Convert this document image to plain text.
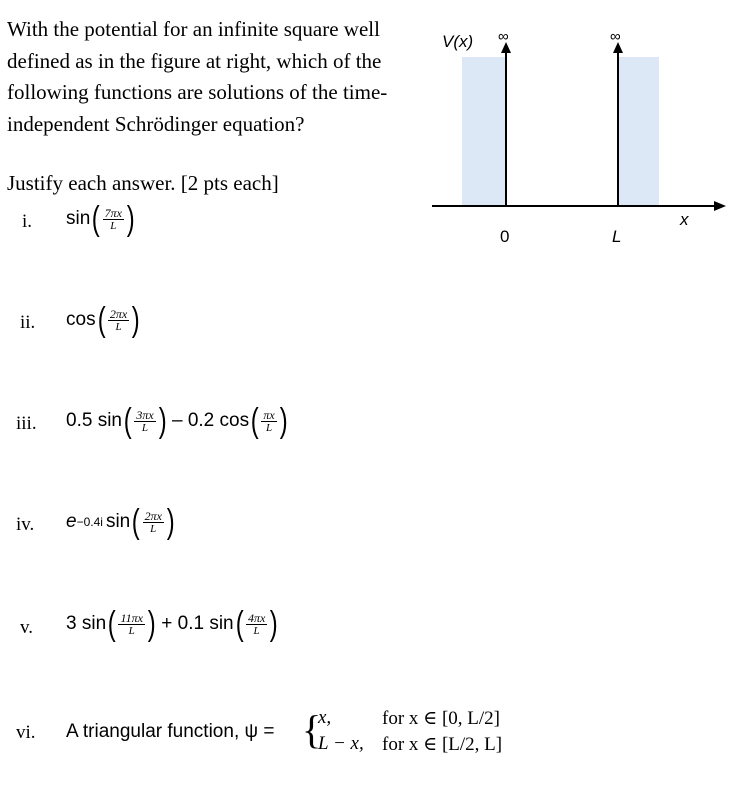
With the potential for an infinite square well

defined as in the figure at right, which of the

following functions are solutions of the time-

independent Schrödinger equation?

Justify each answer. [2 pts each]
V(x) ∞	∞
0	L
x
i. sin ( $\frac{7\pi x}{L}$ )
ii. cos ( $\frac{2\pi x}{L}$ )
iii. 0.5 sin ( $\frac{3\pi x}{L}$ ) – 0.2 cos ( $\frac{\pi x}{L}$ )
iv. e −0.4i sin ( $\frac{2\pi x}{L}$ )
v. 3 sin ( $\frac{11\pi x}{L}$ ) + 0.1 sin ( $\frac{4\pi x}{L}$ )
vi. A triangular function, ψ = {
x,	for x ∈ [0, L/2]
L − x, for x ∈ [L/2, L]
